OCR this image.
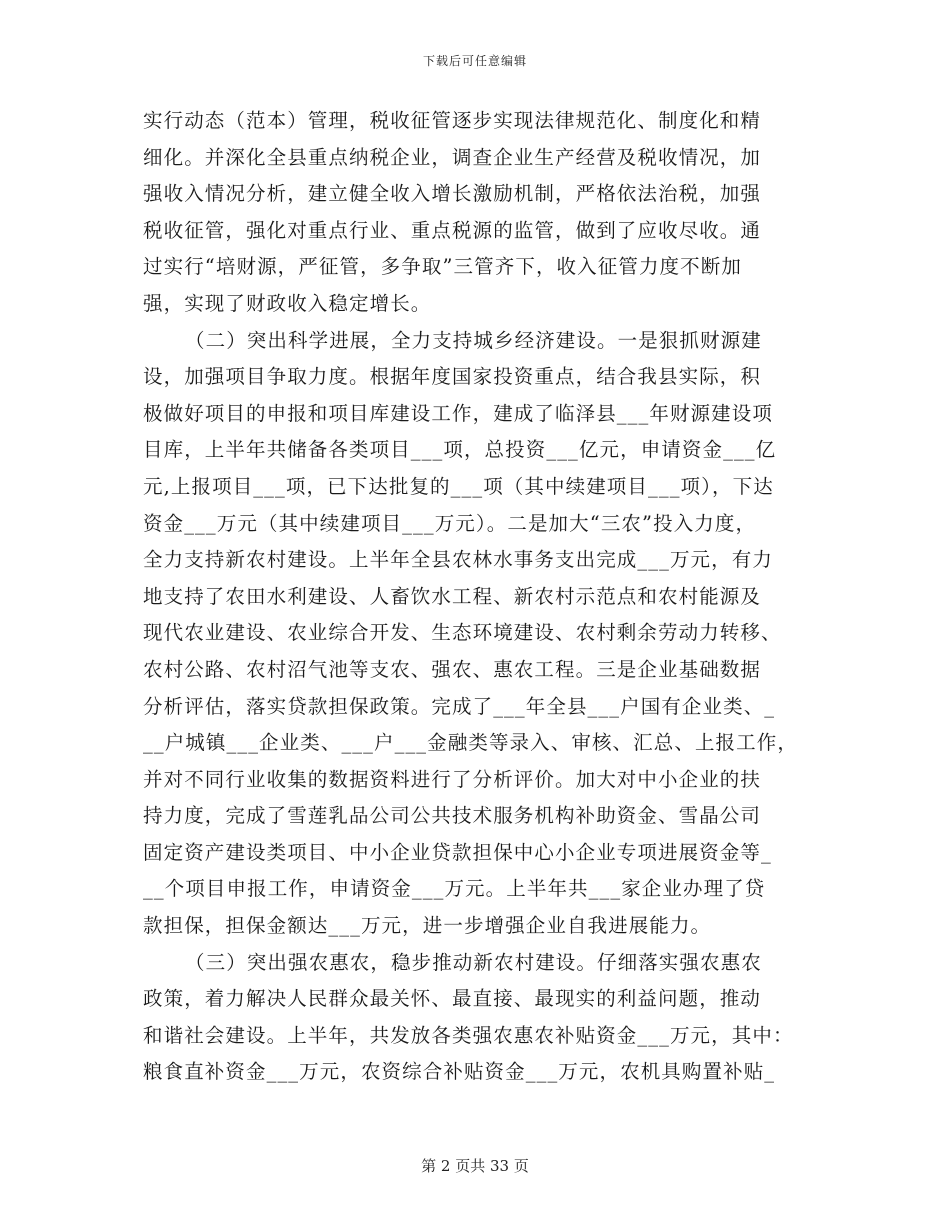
下载后可任意编辑
实行动态（范本）管理，税收征管逐步实现法律规范化、制度化和精
细化。并深化全县重点纳税企业，调查企业生产经营及税收情况，加
强收入情况分析，建立健全收入增长激励机制，严格依法治税，加强
税收征管，强化对重点行业、重点税源的监管，做到了应收尽收。通
过实行“培财源，严征管，多争取”三管齐下，收入征管力度不断加
强，实现了财政收入稳定增长。
（二）突出科学进展，全力支持城乡经济建设。一是狠抓财源建
设，加强项目争取力度。根据年度国家投资重点，结合我县实际，积
极做好项目的申报和项目库建设工作，建成了临泽县___年财源建设项
目库，上半年共储备各类项目___项，总投资___亿元，申请资金___亿
元,上报项目___项，已下达批复的___项（其中续建项目___项），下达
资金___万元（其中续建项目___万元）。二是加大“三农”投入力度，
全力支持新农村建设。上半年全县农林水事务支出完成___万元，有力
地支持了农田水利建设、人畜饮水工程、新农村示范点和农村能源及
现代农业建设、农业综合开发、生态环境建设、农村剩余劳动力转移、
农村公路、农村沼气池等支农、强农、惠农工程。三是企业基础数据
分析评估，落实贷款担保政策。完成了___年全县___户国有企业类、_
__户城镇___企业类、___户___金融类等录入、审核、汇总、上报工作，
并对不同行业收集的数据资料进行了分析评价。加大对中小企业的扶
持力度，完成了雪莲乳品公司公共技术服务机构补助资金、雪晶公司
固定资产建设类项目、中小企业贷款担保中心小企业专项进展资金等_
__个项目申报工作，申请资金___万元。上半年共___家企业办理了贷
款担保，担保金额达___万元，进一步增强企业自我进展能力。
（三）突出强农惠农，稳步推动新农村建设。仔细落实强农惠农
政策，着力解决人民群众最关怀、最直接、最现实的利益问题，推动
和谐社会建设。上半年，共发放各类强农惠农补贴资金___万元，其中：
粮食直补资金___万元，农资综合补贴资金___万元，农机具购置补贴_
第 2 页共 33 页
